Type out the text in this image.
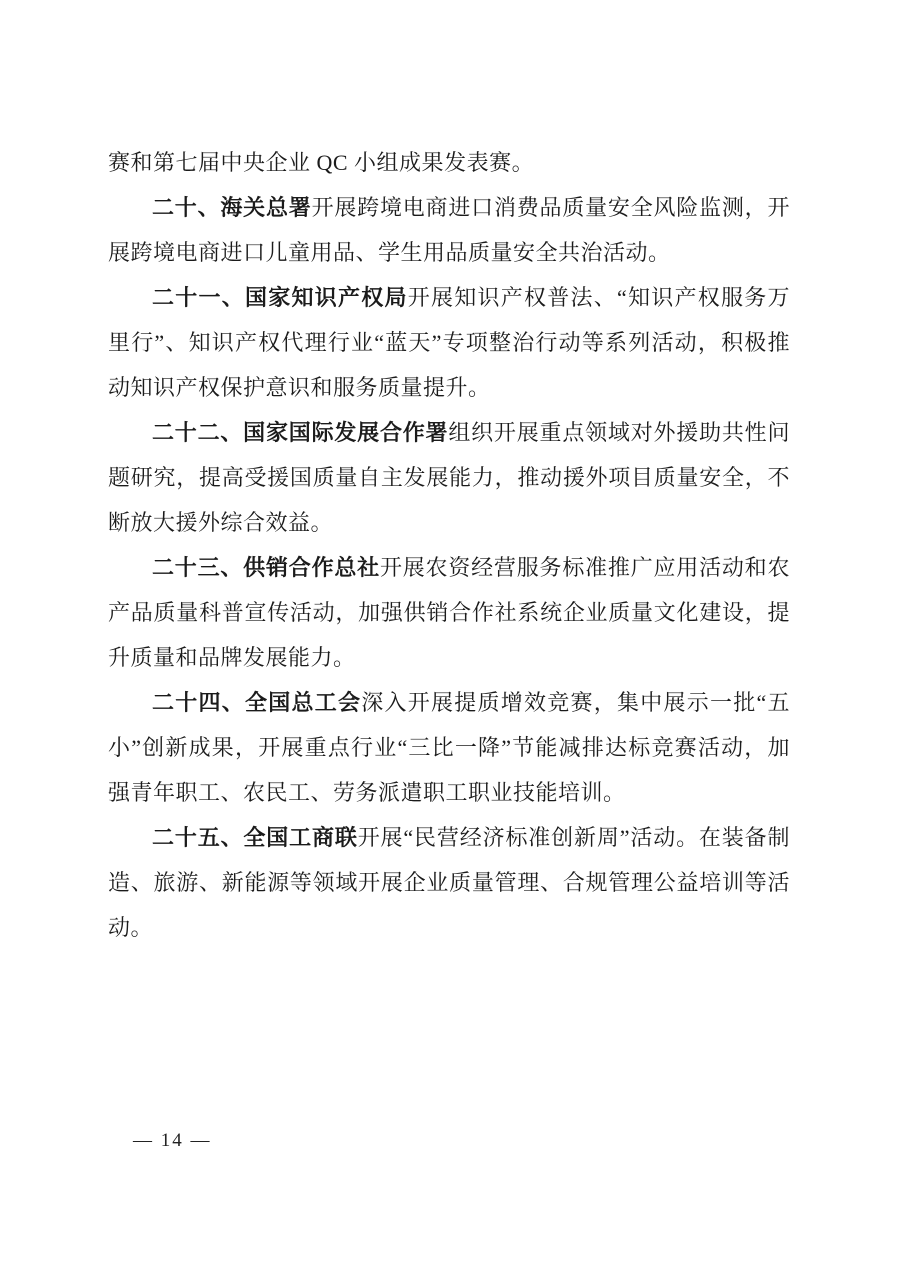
赛和第七届中央企业 QC 小组成果发表赛。

二十、海关总署开展跨境电商进口消费品质量安全风险监测，开展跨境电商进口儿童用品、学生用品质量安全共治活动。

二十一、国家知识产权局开展知识产权普法、“知识产权服务万里行”、知识产权代理行业“蓝天”专项整治行动等系列活动，积极推动知识产权保护意识和服务质量提升。

二十二、国家国际发展合作署组织开展重点领域对外援助共性问题研究，提高受援国质量自主发展能力，推动援外项目质量安全，不断放大援外综合效益。

二十三、供销合作总社开展农资经营服务标准推广应用活动和农产品质量科普宣传活动，加强供销合作社系统企业质量文化建设，提升质量和品牌发展能力。

二十四、全国总工会深入开展提质增效竞赛，集中展示一批“五小”创新成果，开展重点行业“三比一降”节能减排达标竞赛活动，加强青年职工、农民工、劳务派遣职工职业技能培训。

二十五、全国工商联开展“民营经济标准创新周”活动。在装备制造、旅游、新能源等领域开展企业质量管理、合规管理公益培训等活动。

— 14 —
